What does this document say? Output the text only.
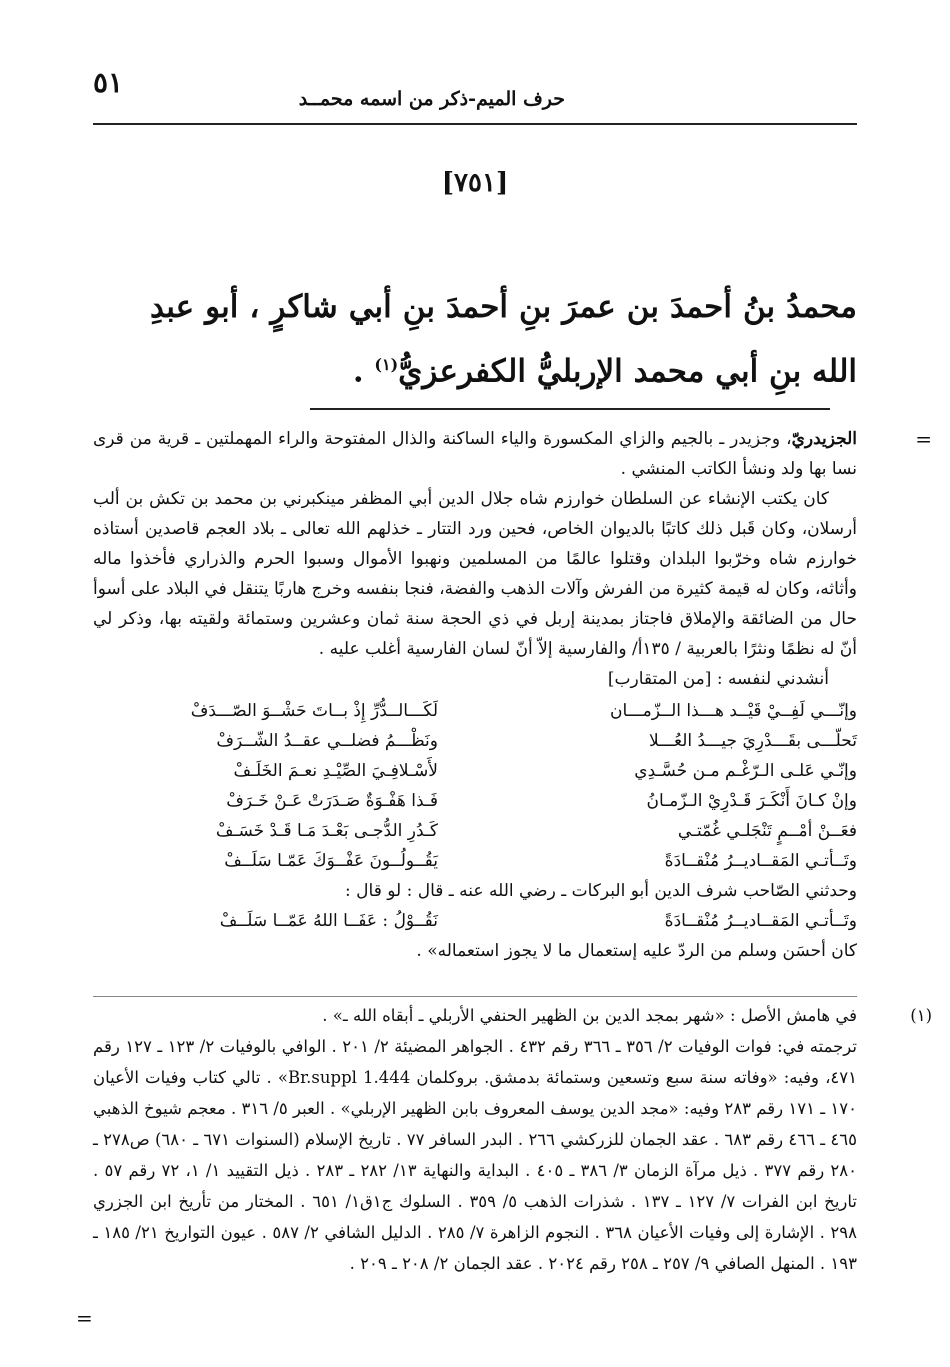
حرف الميم-ذكر من اسمه محمــد
٥١
[٧٥١]
محمدُ بنُ أحمدَ بن عمرَ بنِ أحمدَ بنِ أبي شاكرٍ ، أبو عبدِ الله بنِ أبي محمد الإربليُّ الكفرعزيُّ$^{(١)}$ .
=

الجزيدريّ، وجزيدر ـ بالجيم والزاي المكسورة والياء الساكنة والذال المفتوحة والراء المهملتين ـ قرية من قرى نسا بها ولد ونشأ الكاتب المنشي .

كان يكتب الإنشاء عن السلطان خوارزم شاه جلال الدين أبي المظفر مينكبرني بن محمد بن تكش بن ألب أرسلان، وكان قَبل ذلك كاتبًا بالديوان الخاص، فحين ورد التتار ـ خذلهم الله تعالى ـ بلاد العجم قاصدين أستاذه خوارزم شاه وخرّبوا البلدان وقتلوا عالمًا من المسلمين ونهبوا الأموال وسبوا الحرم والذراري فأخذوا ماله وأثاثه، وكان له قيمة كثيرة من الفرش وآلات الذهب والفضة، فنجا بنفسه وخرج هاربًا يتنقل في البلاد على أسوأ حال من الضائقة والإملاق فاجتاز بمدينة إربل في ذي الحجة سنة ثمان وعشرين وستمائة ولقيته بها، وذكر لي أنّ له نظمًا ونثرًا بالعربية / ١٣٥أ/ والفارسية إلاّ أنّ لسان الفارسية أغلب عليه .

أنشدني لنفسه : [من المتقارب]

وإنّـــي لَفِــيْ قَيْــد هـــذا الــزّمـــان
لَكَـــالــدُّرِّ إِذْ بــاتَ حَشْــوَ الصّـــدَفْ
تَحلّـــى بقَـــدْرِيَ جيـــدُ العُـــلا
ونَظْـــمُ فضلــي عقــدُ الشّــرَفْ
وإنّـي عَلـى الـرّغْـم مـن حُسَّـدِي
لأَسْـلافِـيَ الصِّيْـدِ نعـمَ الخَلَـفْ
وإنْ كـانَ أَنْكَـرَ قَـدْرِيْ الـزّمـانُ
فَـذا هَفْـوَةٌ صَـدَرَتْ عَـنْ خَـرَفْ
فعَــنْ أمْــمٍ تَنْجَلـي غُمّتـي
كَـدُرِ الدُّجـى بَعْـدَ مَـا قَـدْ خَسَـفْ
وتَــأتـي المَقــاديــرُ مُنْقــادَةً
يَقُــولُــونَ عَفْــوَكَ عَمّـا سَلَــفْ

وحدثني الصّاحب شرف الدين أبو البركات ـ رضي الله عنه ـ قال : لو قال :

وتَــأتـي المَقــاديــرُ مُنْقــادَةً
نَقُــوْلُ : عَفَــا اللهُ عَمّــا سَلَــفْ

كان أحسَن وسلم من الردّ عليه إستعمال ما لا يجوز استعماله» .

(١)

في هامش الأصل : «شهر بمجد الدين بن الظهير الحنفي الأربلي ـ أبقاه الله ـ» .

ترجمته في: فوات الوفيات ٢/ ٣٥٦ ـ ٣٦٦ رقم ٤٣٢ . الجواهر المضيئة ٢/ ٢٠١ . الوافي بالوفيات ٢/ ١٢٣ ـ ١٢٧ رقم ٤٧١، وفيه: «وفاته سنة سبع وتسعين وستمائة بدمشق. بروكلمان Br.suppl 1.444» . تالي كتاب وفيات الأعيان ١٧٠ ـ ١٧١ رقم ٢٨٣ وفيه: «مجد الدين يوسف المعروف بابن الظهير الإربلي» . العبر ٥/ ٣١٦ . معجم شيوخ الذهبي ٤٦٥ ـ ٤٦٦ رقم ٦٨٣ . عقد الجمان للزركشي ٢٦٦ . البدر السافر ٧٧ . تاريخ الإسلام (السنوات ٦٧١ ـ ٦٨٠) ص٢٧٨ ـ ٢٨٠ رقم ٣٧٧ . ذيل مرآة الزمان ٣/ ٣٨٦ ـ ٤٠٥ . البداية والنهاية ١٣/ ٢٨٢ ـ ٢٨٣ . ذيل التقييد ١/ ١، ٧٢ رقم ٥٧ . تاريخ ابن الفرات ٧/ ١٢٧ ـ ١٣٧ . شذرات الذهب ٥/ ٣٥٩ . السلوك ج١ق١/ ٦٥١ . المختار من تأريخ ابن الجزري ٢٩٨ . الإشارة إلى وفيات الأعيان ٣٦٨ . النجوم الزاهرة ٧/ ٢٨٥ . الدليل الشافي ٢/ ٥٨٧ . عيون التواريخ ٢١/ ١٨٥ ـ ١٩٣ . المنهل الصافي ٩/ ٢٥٧ ـ ٢٥٨ رقم ٢٠٢٤ . عقد الجمان ٢/ ٢٠٨ ـ ٢٠٩ .

=
